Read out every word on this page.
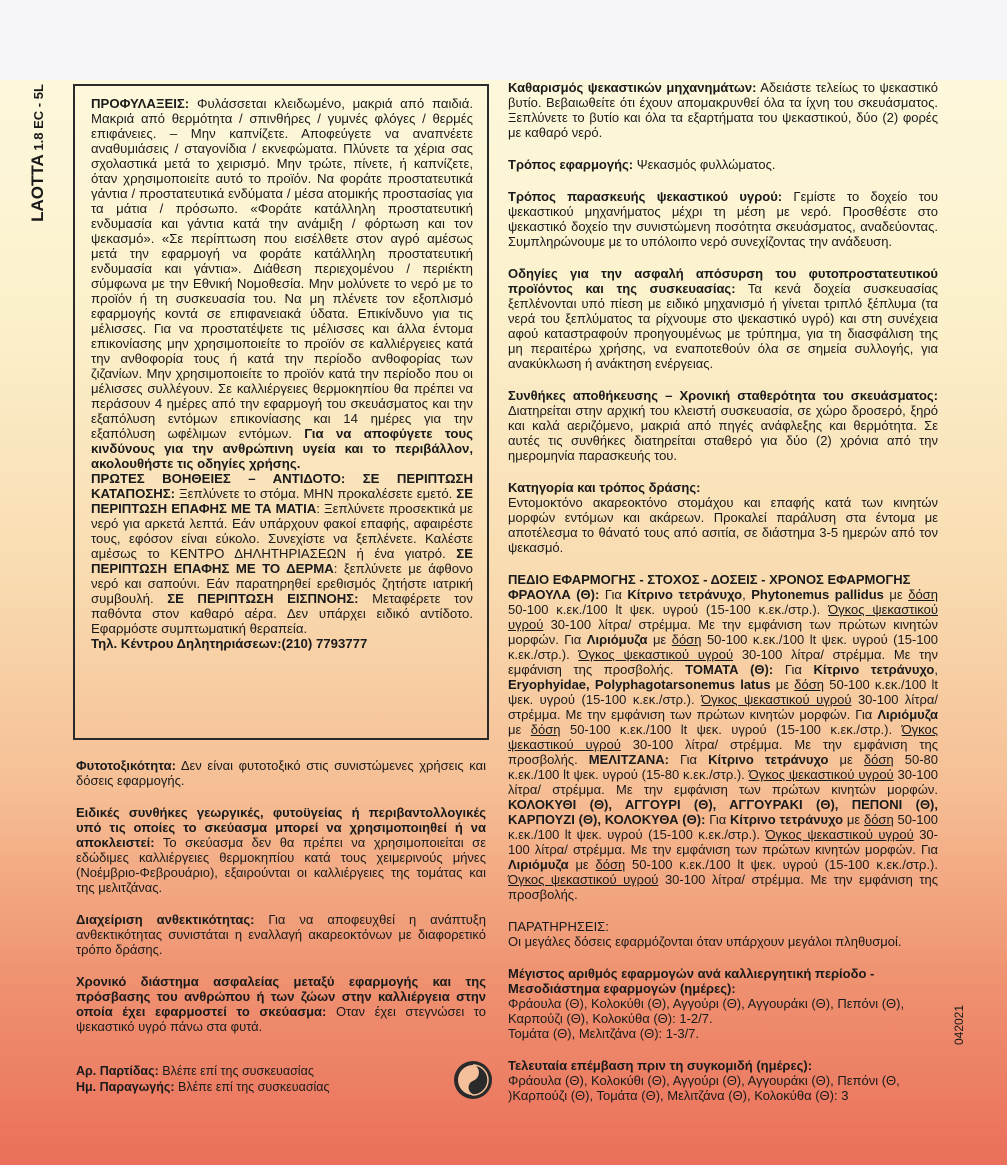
LAOTTA 1.8 EC - 5L
042021

ΠΡΟΦΥΛΑΞΕΙΣ: Φυλάσσεται κλειδωμένο, μακριά από παιδιά. Μακριά από θερμότητα / σπινθήρες / γυμνές φλόγες / θερμές επιφάνειες. – Μην καπνίζετε. Αποφεύγετε να αναπνέετε αναθυμιάσεις / σταγονίδια / εκνεφώματα. Πλύνετε τα χέρια σας σχολαστικά μετά το χειρισμό. Μην τρώτε, πίνετε, ή καπνίζετε, όταν χρησιμοποιείτε αυτό το προϊόν. Να φοράτε προστατευτικά γάντια / προστατευτικά ενδύματα / μέσα ατομικής προστασίας για τα μάτια / πρόσωπο. «Φοράτε κατάλληλη προστατευτική ενδυμασία και γάντια κατά την ανάμιξη / φόρτωση και τον ψεκασμό». «Σε περίπτωση που εισέλθετε στον αγρό αμέσως μετά την εφαρμογή να φοράτε κατάλληλη προστατευτική ενδυμασία και γάντια». Διάθεση περιεχομένου / περιέκτη σύμφωνα με την Εθνική Νομοθεσία. Μην μολύνετε το νερό με το προϊόν ή τη συσκευασία του. Να μη πλένετε τον εξοπλισμό εφαρμογής κοντά σε επιφανειακά ύδατα. Επικίνδυνο για τις μέλισσες. Για να προστατέψετε τις μέλισσες και άλλα έντομα επικονίασης μην χρησιμοποιείτε το προϊόν σε καλλιέργειες κατά την ανθοφορία τους ή κατά την περίοδο ανθοφορίας των ζιζανίων. Μην χρησιμοποιείτε το προϊόν κατά την περίοδο που οι μέλισσες συλλέγουν. Σε καλλιέργειες θερμοκηπίου θα πρέπει να περάσουν 4 ημέρες από την εφαρμογή του σκευάσματος και την εξαπόλυση εντόμων επικονίασης και 14 ημέρες για την εξαπόλυση ωφέλιμων εντόμων. Για να αποφύγετε τους κινδύνους για την ανθρώπινη υγεία και το περιβάλλον, ακολουθήστε τις οδηγίες χρήσης.

ΠΡΩΤΕΣ ΒΟΗΘΕΙΕΣ – ΑΝΤΙΔΟΤΟ: ΣΕ ΠΕΡΙΠΤΩΣΗ ΚΑΤΑΠΟΣΗΣ: Ξεπλύνετε το στόμα. ΜΗΝ προκαλέσετε εμετό. ΣΕ ΠΕΡΙΠΤΩΣΗ ΕΠΑΦΗΣ ΜΕ ΤΑ ΜΑΤΙΑ: Ξεπλύνετε προσεκτικά με νερό για αρκετά λεπτά. Εάν υπάρχουν φακοί επαφής, αφαιρέστε τους, εφόσον είναι εύκολο. Συνεχίστε να ξεπλένετε. Καλέστε αμέσως το ΚΕΝΤΡΟ ΔΗΛΗΤΗΡΙΑΣΕΩΝ ή ένα γιατρό. ΣΕ ΠΕΡΙΠΤΩΣΗ ΕΠΑΦΗΣ ΜΕ ΤΟ ΔΕΡΜΑ: ξεπλύνετε με άφθονο νερό και σαπούνι. Εάν παρατηρηθεί ερεθισμός ζητήστε ιατρική συμβουλή. ΣΕ ΠΕΡΙΠΤΩΣΗ ΕΙΣΠΝΟΗΣ: Μεταφέρετε τον παθόντα στον καθαρό αέρα. Δεν υπάρχει ειδικό αντίδοτο. Εφαρμόστε συμπτωματική θεραπεία.

Τηλ. Κέντρου Δηλητηριάσεων:(210) 7793777

Φυτοτοξικότητα: Δεν είναι φυτοτοξικό στις συνιστώμενες χρήσεις και δόσεις εφαρμογής.

Ειδικές συνθήκες γεωργικές, φυτοϋγείας ή περιβαντολλογικές υπό τις οποίες το σκεύασμα μπορεί να χρησιμοποιηθεί ή να αποκλειστεί: Το σκεύασμα δεν θα πρέπει να χρησιμοποιείται σε εδώδιμες καλλιέργειες θερμοκηπίου κατά τους χειμερινούς μήνες (Νοέμβριο-Φεβρουάριο), εξαιρούνται οι καλλιέργειες της τομάτας και της μελιτζάνας.

Διαχείριση ανθεκτικότητας: Για να αποφευχθεί η ανάπτυξη ανθεκτικότητας συνιστάται η εναλλαγή ακαρεοκτόνων με διαφορετικό τρόπο δράσης.

Χρονικό διάστημα ασφαλείας μεταξύ εφαρμογής και της πρόσβασης του ανθρώπου ή των ζώων στην καλλιέργεια στην οποία έχει εφαρμοστεί το σκεύασμα: Οταν έχει στεγνώσει το ψεκαστικό υγρό πάνω στα φυτά.

Αρ. Παρτίδας: Βλέπε επί της συσκευασίας
Ημ. Παραγωγής: Βλέπε επί της συσκευασίας

Καθαρισμός ψεκαστικών μηχανημάτων: Αδειάστε τελείως το ψεκαστικό βυτίο. Βεβαιωθείτε ότι έχουν απομακρυνθεί όλα τα ίχνη του σκευάσματος. Ξεπλύνετε το βυτίο και όλα τα εξαρτήματα του ψεκαστικού, δύο (2) φορές με καθαρό νερό.

Τρόπος εφαρμογής: Ψεκασμός φυλλώματος.

Τρόπος παρασκευής ψεκαστικού υγρού: Γεμίστε το δοχείο του ψεκαστικού μηχανήματος μέχρι τη μέση με νερό. Προσθέστε στο ψεκαστικό δοχείο την συνιστώμενη ποσότητα σκευάσματος, αναδεύοντας. Συμπληρώνουμε με το υπόλοιπο νερό συνεχίζοντας την ανάδευση.

Οδηγίες για την ασφαλή απόσυρση του φυτοπροστατευτικού προϊόντος και της συσκευασίας: Τα κενά δοχεία συσκευασίας ξεπλένονται υπό πίεση με ειδικό μηχανισμό ή γίνεται τριπλό ξέπλυμα (τα νερά του ξεπλύματος τα ρίχνουμε στο ψεκαστικό υγρό) και στη συνέχεια αφού καταστραφούν προηγουμένως με τρύπημα, για τη διασφάλιση της μη περαιτέρω χρήσης, να εναποτεθούν όλα σε σημεία συλλογής, για ανακύκλωση ή ανάκτηση ενέργειας.

Συνθήκες αποθήκευσης – Χρονική σταθερότητα του σκευάσματος: Διατηρείται στην αρχική του κλειστή συσκευασία, σε χώρο δροσερό, ξηρό και καλά αεριζόμενο, μακριά από πηγές ανάφλεξης και θερμότητα. Σε αυτές τις συνθήκες διατηρείται σταθερό για δύο (2) χρόνια από την ημερομηνία παρασκευής του.

Κατηγορία και τρόπος δράσης:
Εντομοκτόνο ακαρεοκτόνο στομάχου και επαφής κατά των κινητών μορφών εντόμων και ακάρεων. Προκαλεί παράλυση στα έντομα με αποτέλεσμα το θάνατό τους από ασιτία, σε διάστημα 3-5 ημερών από τον ψεκασμό.

ΠΕΔΙΟ ΕΦΑΡΜΟΓΗΣ - ΣΤΟΧΟΣ - ΔΟΣΕΙΣ - ΧΡΟΝΟΣ ΕΦΑΡΜΟΓΗΣ
ΦΡΑΟΥΛΑ (Θ): Για Κίτρινο τετράνυχο, Phytonemus pallidus με δόση 50-100 κ.εκ./100 lt ψεκ. υγρού (15-100 κ.εκ./στρ.). Όγκος ψεκαστικού υγρού 30-100 λίτρα/ στρέμμα. Με την εμφάνιση των πρώτων κινητών μορφών. Για Λιριόμυζα με δόση 50-100 κ.εκ./100 lt ψεκ. υγρού (15-100 κ.εκ./στρ.). Όγκος ψεκαστικού υγρού 30-100 λίτρα/ στρέμμα. Με την εμφάνιση της προσβολής. ΤΟΜΑΤΑ (Θ): Για Κίτρινο τετράνυχο, Eryophyidae, Polyphagotarsonemus latus με δόση 50-100 κ.εκ./100 lt ψεκ. υγρού (15-100 κ.εκ./στρ.). Όγκος ψεκαστικού υγρού 30-100 λίτρα/ στρέμμα. Με την εμφάνιση των πρώτων κινητών μορφών. Για Λιριόμυζα με δόση 50-100 κ.εκ./100 lt ψεκ. υγρού (15-100 κ.εκ./στρ.). Όγκος ψεκαστικού υγρού 30-100 λίτρα/ στρέμμα. Με την εμφάνιση της προσβολής. ΜΕΛΙΤΖΑΝΑ: Για Κίτρινο τετράνυχο με δόση 50-80 κ.εκ./100 lt ψεκ. υγρού (15-80 κ.εκ./στρ.). Όγκος ψεκαστικού υγρού 30-100 λίτρα/ στρέμμα. Με την εμφάνιση των πρώτων κινητών μορφών. ΚΟΛΟΚΥΘΙ (Θ), ΑΓΓΟΥΡΙ (Θ), ΑΓΓΟΥΡΑΚΙ (Θ), ΠΕΠΟΝΙ (Θ), ΚΑΡΠΟΥΖΙ (Θ), ΚΟΛΟΚΥΘΑ (Θ): Για Κίτρινο τετράνυχο με δόση 50-100 κ.εκ./100 lt ψεκ. υγρού (15-100 κ.εκ./στρ.). Όγκος ψεκαστικού υγρού 30-100 λίτρα/ στρέμμα. Με την εμφάνιση των πρώτων κινητών μορφών. Για Λιριόμυζα με δόση 50-100 κ.εκ./100 lt ψεκ. υγρού (15-100 κ.εκ./στρ.). Όγκος ψεκαστικού υγρού 30-100 λίτρα/ στρέμμα. Με την εμφάνιση της προσβολής.

ΠΑΡΑΤΗΡΗΣΕΙΣ:
Οι μεγάλες δόσεις εφαρμόζονται όταν υπάρχουν μεγάλοι πληθυσμοί.

Μέγιστος αριθμός εφαρμογών ανά καλλιεργητική περίοδο - Μεσοδιάστημα εφαρμογών (ημέρες):
Φράουλα (Θ), Κολοκύθι (Θ), Αγγούρι (Θ), Αγγουράκι (Θ), Πεπόνι (Θ), Καρπούζι (Θ), Κολοκύθα (Θ): 1-2/7.
Τομάτα (Θ), Μελιτζάνα (Θ): 1-3/7.

Τελευταία επέμβαση πριν τη συγκομιδή (ημέρες):
Φράουλα (Θ), Κολοκύθι (Θ), Αγγούρι (Θ), Αγγουράκι (Θ), Πεπόνι (Θ, )Καρπούζι (Θ), Τομάτα (Θ), Μελιτζάνα (Θ), Κολοκύθα (Θ): 3
